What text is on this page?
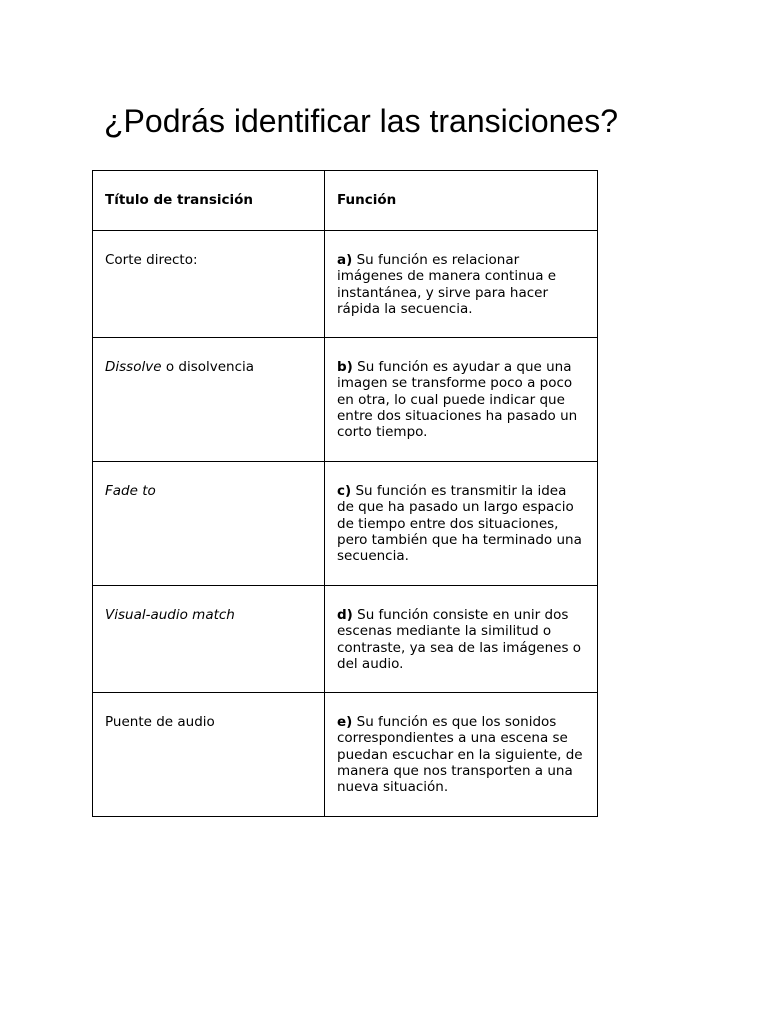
¿Podrás identificar las transiciones?
Título de transición	Función
Corte directo:	a) Su función es relacionar imágenes de manera continua e instantánea, y sirve para hacer rápida la secuencia.
Dissolve o disolvencia	b) Su función es ayudar a que una imagen se transforme poco a poco en otra, lo cual puede indicar que entre dos situaciones ha pasado un corto tiempo.
Fade to	c) Su función es transmitir la idea de que ha pasado un largo espacio de tiempo entre dos situaciones, pero también que ha terminado una secuencia.
Visual-audio match	d) Su función consiste en unir dos escenas mediante la similitud o contraste, ya sea de las imágenes o del audio.
Puente de audio	e) Su función es que los sonidos correspondientes a una escena se puedan escuchar en la siguiente, de manera que nos transporten a una nueva situación.
